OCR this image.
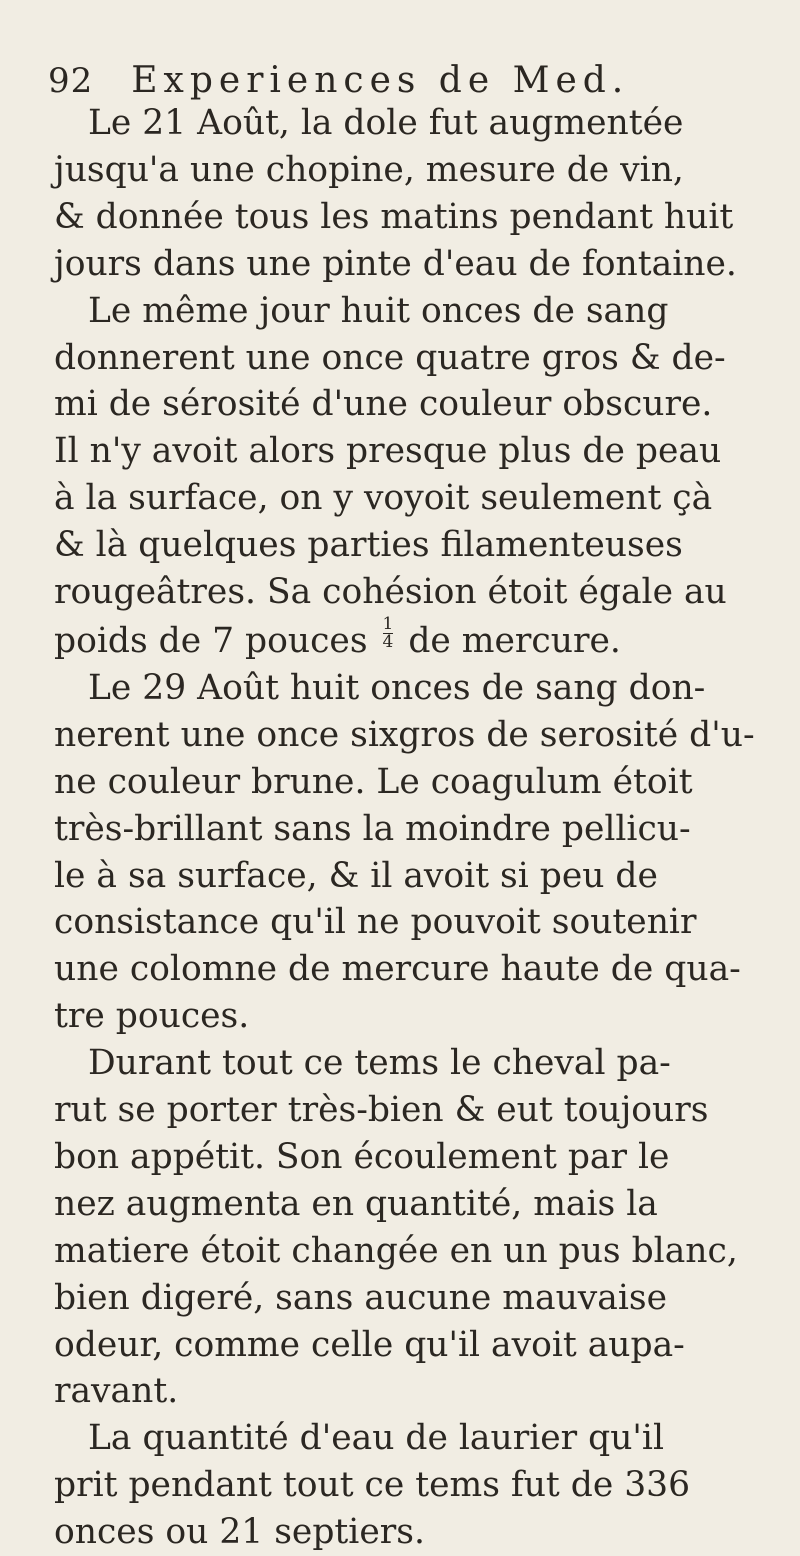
92 Experiences de Med.

Le 21 Août, la dole fut augmentée
jusqu'a une chopine, mesure de vin,
& donnée tous les matins pendant huit
jours dans une pinte d'eau de fontaine.

Le même jour huit onces de sang
donnerent une once quatre gros & de-
mi de sérosité d'une couleur obscure.
Il n'y avoit alors presque plus de peau
à la surface, on y voyoit seulement çà
& là quelques parties filamenteuses
rougeâtres. Sa cohésion étoit égale au
poids de 7 pouces $\frac{1}{4}$ de mercure.

Le 29 Août huit onces de sang don-
nerent une once sixgros de serosité d'u-
ne couleur brune. Le coagulum étoit
très-brillant sans la moindre pellicu-
le à sa surface, & il avoit si peu de
consistance qu'il ne pouvoit soutenir
une colomne de mercure haute de qua-
tre pouces.

Durant tout ce tems le cheval pa-
rut se porter très-bien & eut toujours
bon appétit. Son écoulement par le
nez augmenta en quantité, mais la
matiere étoit changée en un pus blanc,
bien digeré, sans aucune mauvaise
odeur, comme celle qu'il avoit aupa-
ravant.

La quantité d'eau de laurier qu'il
prit pendant tout ce tems fut de 336
onces ou 21 septiers.
